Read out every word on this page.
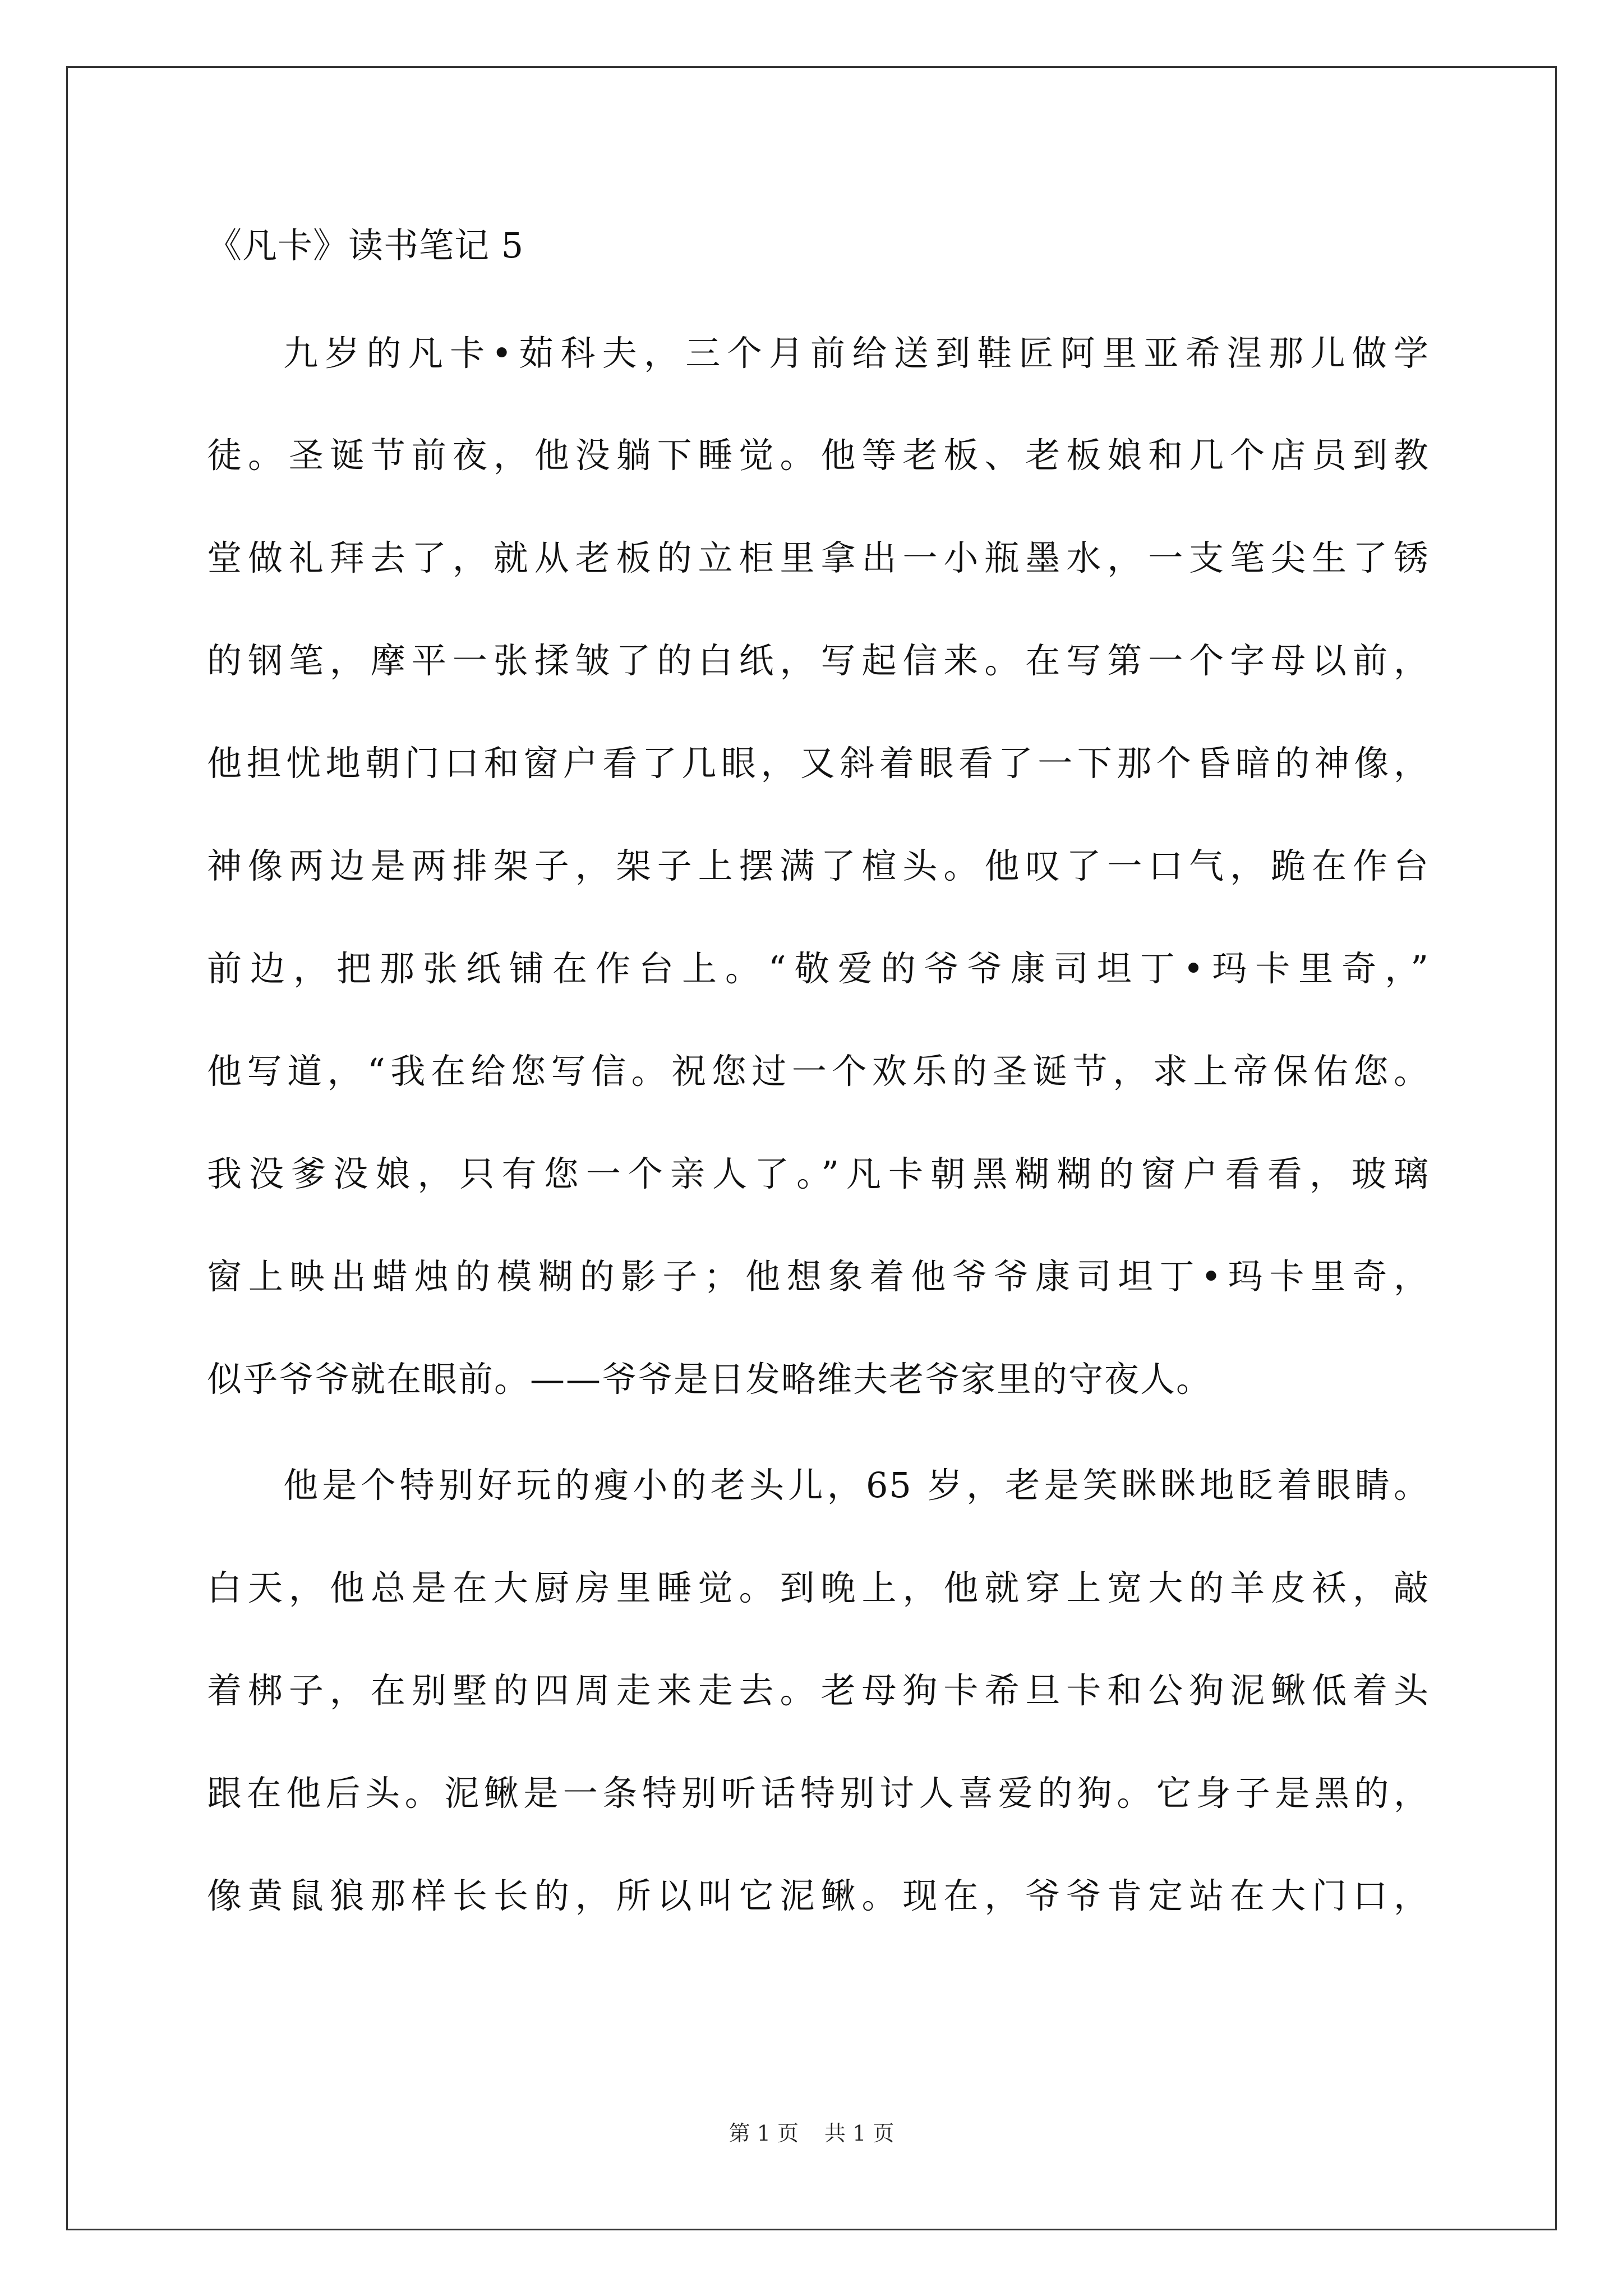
《凡卡》读书笔记 5

九岁的凡卡•茹科夫，三个月前给送到鞋匠阿里亚希涅那儿做学

徒。圣诞节前夜，他没躺下睡觉。他等老板、老板娘和几个店员到教

堂做礼拜去了，就从老板的立柜里拿出一小瓶墨水，一支笔尖生了锈

的钢笔，摩平一张揉皱了的白纸，写起信来。在写第一个字母以前，

他担忧地朝门口和窗户看了几眼，又斜着眼看了一下那个昏暗的神像，

神像两边是两排架子，架子上摆满了楦头。他叹了一口气，跪在作台

前边，把那张纸铺在作台上。“敬爱的爷爷康司坦丁•玛卡里奇，”

他写道，“我在给您写信。祝您过一个欢乐的圣诞节，求上帝保佑您。

我没爹没娘，只有您一个亲人了。”凡卡朝黑糊糊的窗户看看，玻璃

窗上映出蜡烛的模糊的影子；他想象着他爷爷康司坦丁•玛卡里奇，

似乎爷爷就在眼前。——爷爷是日发略维夫老爷家里的守夜人。

他是个特别好玩的瘦小的老头儿，65 岁，老是笑眯眯地眨着眼睛。

白天，他总是在大厨房里睡觉。到晚上，他就穿上宽大的羊皮袄，敲

着梆子，在别墅的四周走来走去。老母狗卡希旦卡和公狗泥鳅低着头

跟在他后头。泥鳅是一条特别听话特别讨人喜爱的狗。它身子是黑的，

像黄鼠狼那样长长的，所以叫它泥鳅。现在，爷爷肯定站在大门口，

第 1 页 共 1 页
